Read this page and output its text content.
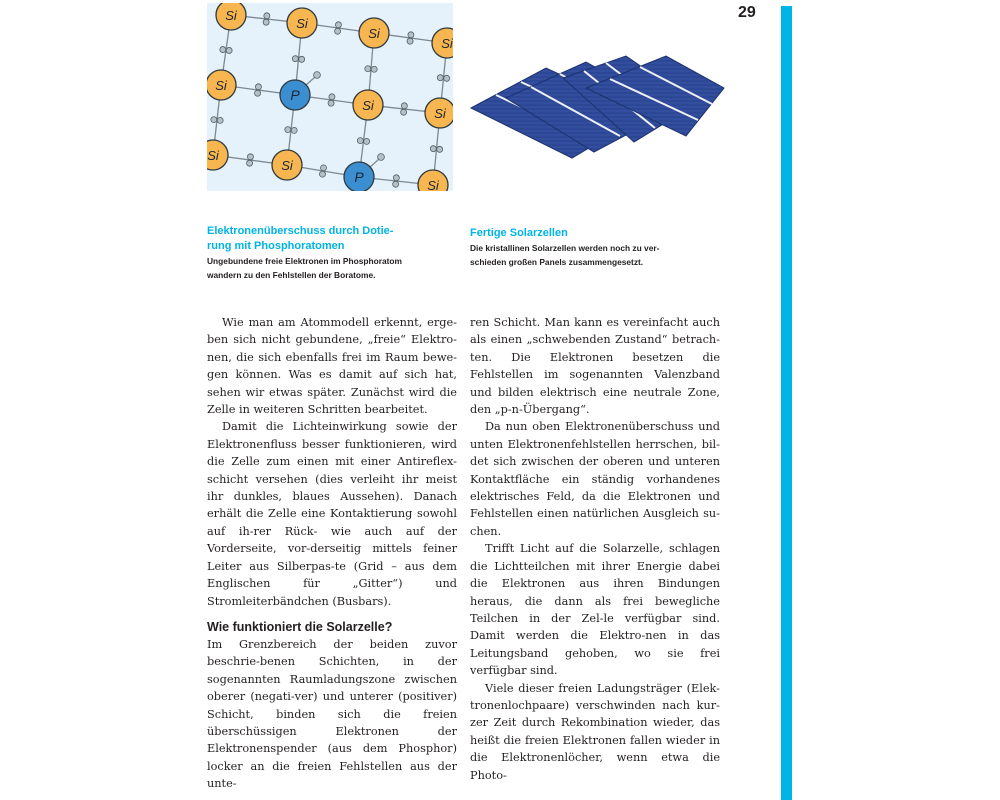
29
Si
Si
Si
Si
Si
P
Si
Si
Si
Si
P
Si
Elektronenüberschuss durch Dotie-
rung mit Phosphoratomen
Ungebundene freie Elektronen im Phosphoratom
wandern zu den Fehlstellen der Boratome.
Fertige Solarzellen
Die kristallinen Solarzellen werden noch zu ver-
schieden großen Panels zusammengesetzt.

Wie man am Atommodell erkennt, erge-ben sich nicht gebundene, „freie“ Elektro-nen, die sich ebenfalls frei im Raum bewe-gen können. Was es damit auf sich hat, sehen wir etwas später. Zunächst wird die Zelle in weiteren Schritten bearbeitet.

Damit die Lichteinwirkung sowie der Elektronenfluss besser funktionieren, wird die Zelle zum einen mit einer Antireflex-schicht versehen (dies verleiht ihr meist ihr dunkles, blaues Aussehen). Danach erhält die Zelle eine Kontaktierung sowohl auf ih-rer Rück- wie auch auf der Vorderseite, vor-derseitig mittels feiner Leiter aus Silberpas-te (Grid – aus dem Englischen für „Gitter“) und Stromleiterbändchen (Busbars).

Wie funktioniert die Solarzelle?

Im Grenzbereich der beiden zuvor beschrie-benen Schichten, in der sogenannten Raumladungszone zwischen oberer (negati-ver) und unterer (positiver) Schicht, binden sich die freien überschüssigen Elektronen der Elektronenspender (aus dem Phosphor) locker an die freien Fehlstellen aus der unte-

ren Schicht. Man kann es vereinfacht auch als einen „schwebenden Zustand“ betrach-ten. Die Elektronen besetzen die Fehlstellen im sogenannten Valenzband und bilden elektrisch eine neutrale Zone, den „p-n-Übergang“.

Da nun oben Elektronenüberschuss und unten Elektronenfehlstellen herrschen, bil-det sich zwischen der oberen und unteren Kontaktfläche ein ständig vorhandenes elektrisches Feld, da die Elektronen und Fehlstellen einen natürlichen Ausgleich su-chen.

Trifft Licht auf die Solarzelle, schlagen die Lichtteilchen mit ihrer Energie dabei die Elektronen aus ihren Bindungen heraus, die dann als frei bewegliche Teilchen in der Zel-le verfügbar sind. Damit werden die Elektro-nen in das Leitungsband gehoben, wo sie frei verfügbar sind.

Viele dieser freien Ladungsträger (Elek-tronenlochpaare) verschwinden nach kur-zer Zeit durch Rekombination wieder, das heißt die freien Elektronen fallen wieder in die Elektronenlöcher, wenn etwa die Photo-
